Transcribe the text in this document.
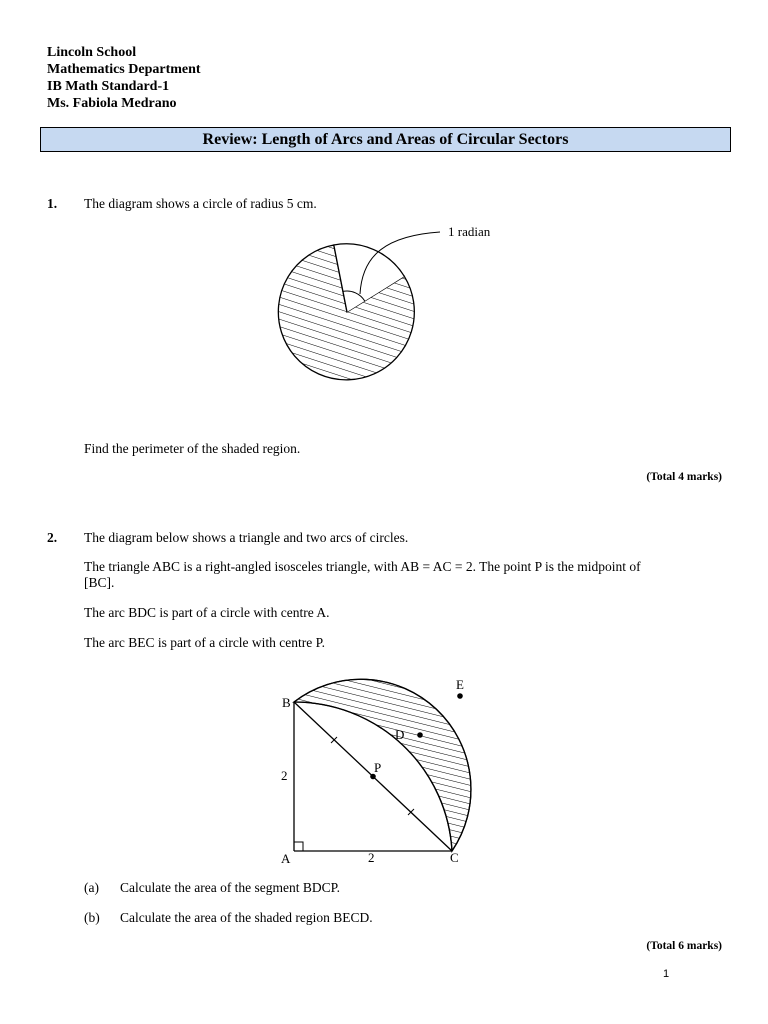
Lincoln School
Mathematics Department
IB Math Standard-1
Ms. Fabiola Medrano
Review: Length of Arcs and Areas of Circular Sectors
1. The diagram shows a circle of radius 5 cm.
1 radian
Find the perimeter of the shaded region.
(Total 4 marks)
2. The diagram below shows a triangle and two arcs of circles.
The triangle ABC is a right-angled isosceles triangle, with AB = AC = 2. The point P is the midpoint of
[BC].
The arc BDC is part of a circle with centre A.
The arc BEC is part of a circle with centre P.
B
E
D
P
2
A	2	C
(a) Calculate the area of the segment BDCP.
(b) Calculate the area of the shaded region BECD.
(Total 6 marks)
1
